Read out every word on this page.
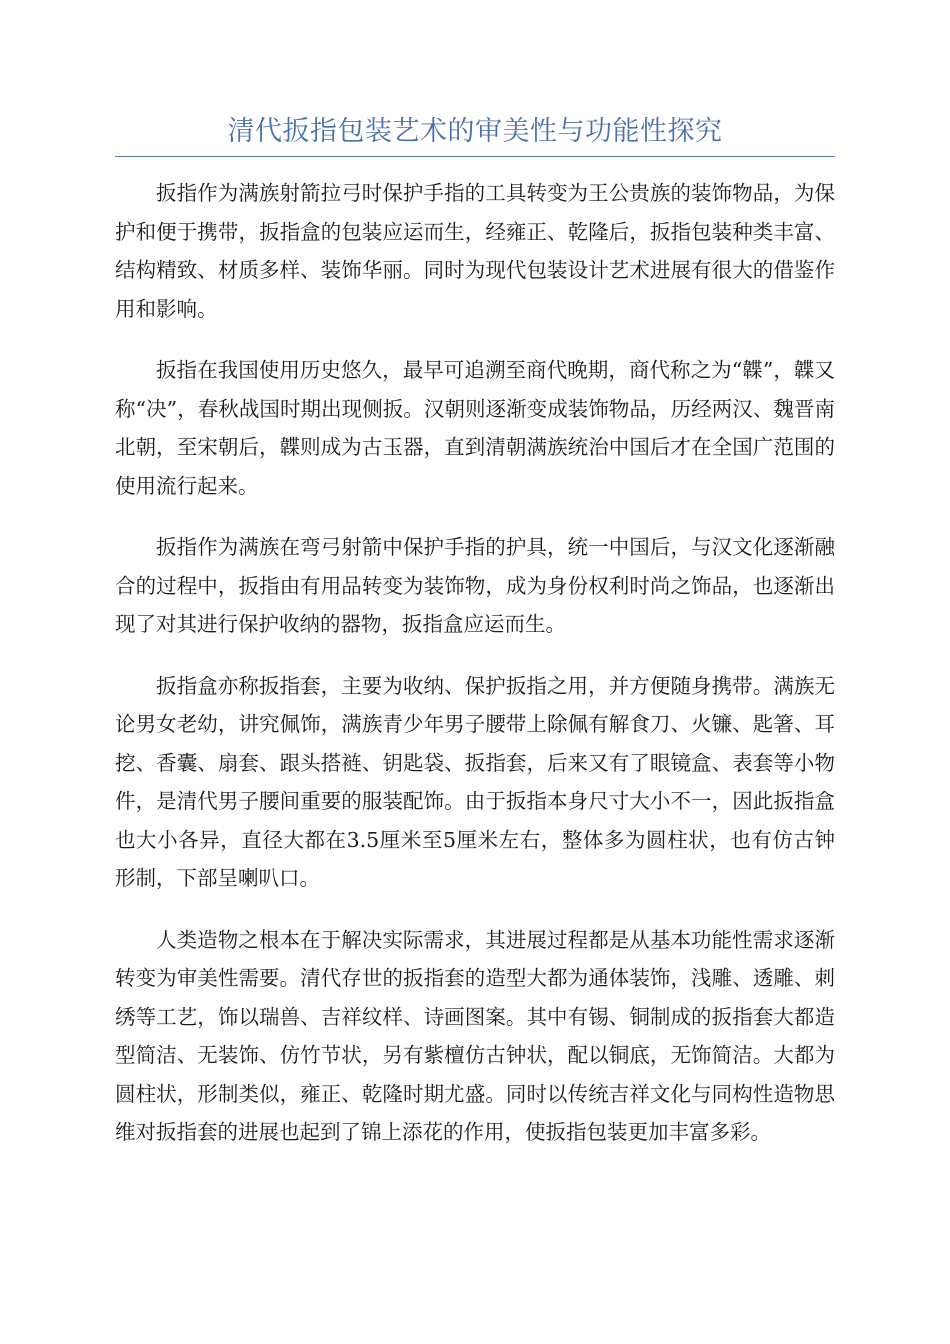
清代扳指包装艺术的审美性与功能性探究

扳指作为满族射箭拉弓时保护手指的工具转变为王公贵族的装饰物品，为保护和便于携带，扳指盒的包装应运而生，经雍正、乾隆后，扳指包装种类丰富、结构精致、材质多样、装饰华丽。同时为现代包装设计艺术进展有很大的借鉴作用和影响。

扳指在我国使用历史悠久，最早可追溯至商代晚期，商代称之为“韘”，韘又称“决”，春秋战国时期出现侧扳。汉朝则逐渐变成装饰物品，历经两汉、魏晋南北朝，至宋朝后，韘则成为古玉器，直到清朝满族统治中国后才在全国广范围的使用流行起来。

扳指作为满族在弯弓射箭中保护手指的护具，统一中国后，与汉文化逐渐融合的过程中，扳指由有用品转变为装饰物，成为身份权利时尚之饰品，也逐渐出现了对其进行保护收纳的器物，扳指盒应运而生。

扳指盒亦称扳指套，主要为收纳、保护扳指之用，并方便随身携带。满族无论男女老幼，讲究佩饰，满族青少年男子腰带上除佩有解食刀、火镰、匙箸、耳挖、香囊、扇套、跟头搭裢、钥匙袋、扳指套，后来又有了眼镜盒、表套等小物件，是清代男子腰间重要的服装配饰。由于扳指本身尺寸大小不一，因此扳指盒也大小各异，直径大都在3.5厘米至5厘米左右，整体多为圆柱状，也有仿古钟形制，下部呈喇叭口。

人类造物之根本在于解决实际需求，其进展过程都是从基本功能性需求逐渐转变为审美性需要。清代存世的扳指套的造型大都为通体装饰，浅雕、透雕、刺绣等工艺，饰以瑞兽、吉祥纹样、诗画图案。其中有锡、铜制成的扳指套大都造型简洁、无装饰、仿竹节状，另有紫檀仿古钟状，配以铜底，无饰简洁。大都为圆柱状，形制类似，雍正、乾隆时期尤盛。同时以传统吉祥文化与同构性造物思维对扳指套的进展也起到了锦上添花的作用，使扳指包装更加丰富多彩。
